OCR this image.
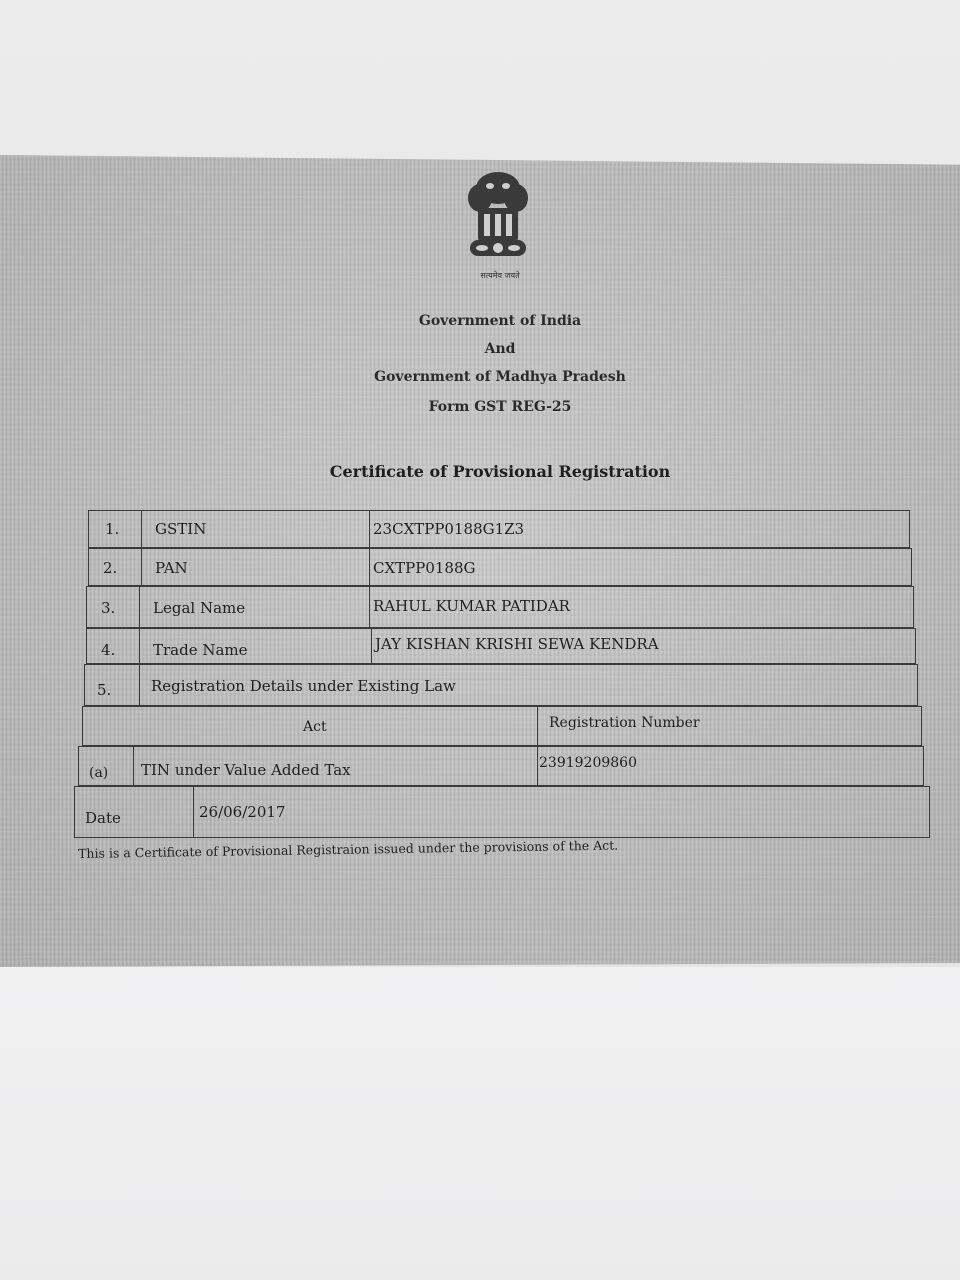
सत्यमेव जयते
Government of India
And
Government of Madhya Pradesh
Form GST REG-25
Certificate of Provisional Registration
1. GSTIN	23CXTPP0188G1Z3
2.	PAN	CXTPP0188G
3.	Legal Name	RAHUL KUMAR PATIDAR
4.	Trade Name	JAY KISHAN KRISHI SEWA KENDRA
5.	Registration Details under Existing Law
Act	Registration Number
(a) TIN under Value Added Tax	23919209860
Date	26/06/2017
This is a Certificate of Provisional Registraion issued under the provisions of the Act.
